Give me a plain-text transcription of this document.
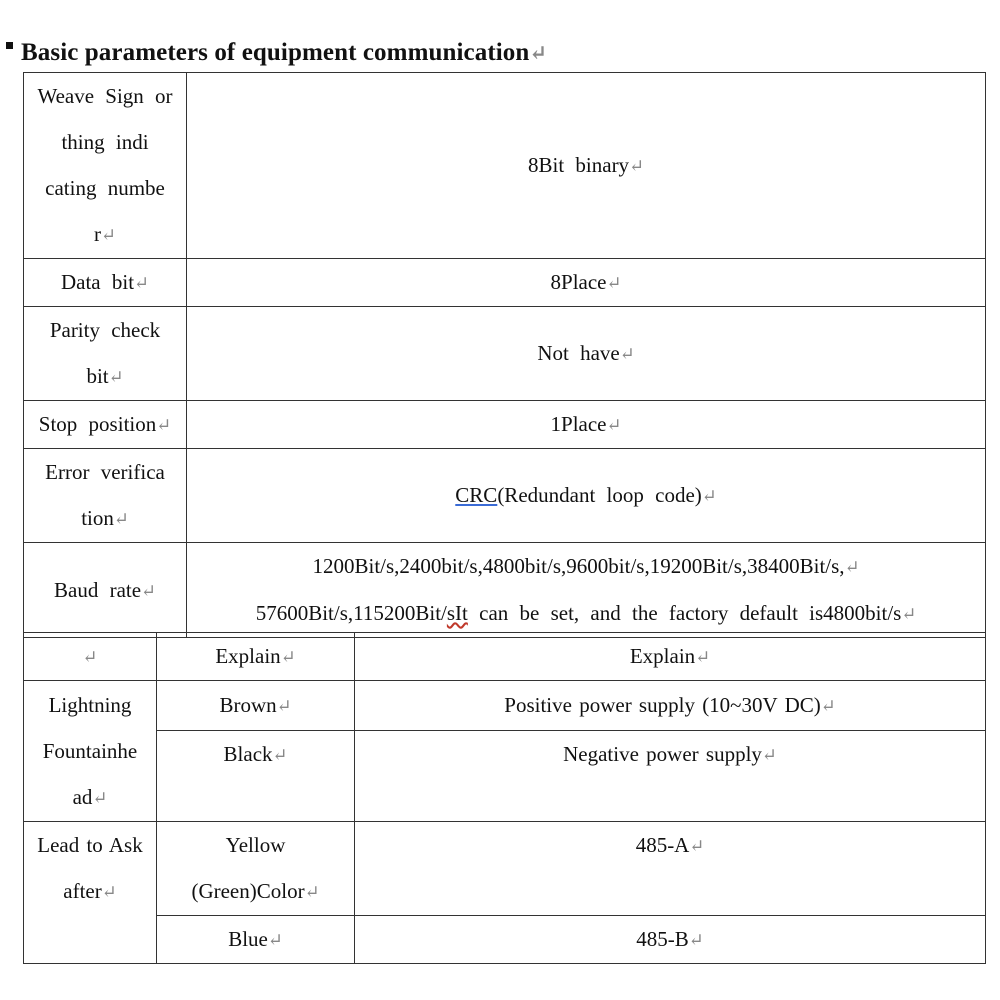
Basic parameters of equipment communication ↵
Weave Sign or thing indi cating numbe r↵	8Bit binary↵
Data bit↵	8Place↵
Parity check bit↵	Not have↵
Stop position↵	1Place↵
Error verifica tion↵	CRC(Redundant loop code)↵
Baud rate↵	1200Bit/s,2400bit/s,4800bit/s,9600bit/s,19200Bit/s,38400Bit/s,↵
57600Bit/s,115200Bit/sIt can be set, and the factory default is4800bit/s↵
↵	Explain↵	Explain↵
Lightning Fountainhe ad↵	Brown↵	Positive power supply (10~30V DC)↵
	Black↵	Negative power supply↵
Lead to Ask after↵	Yellow (Green)Color↵	485-A↵
	Blue↵	485-B↵
